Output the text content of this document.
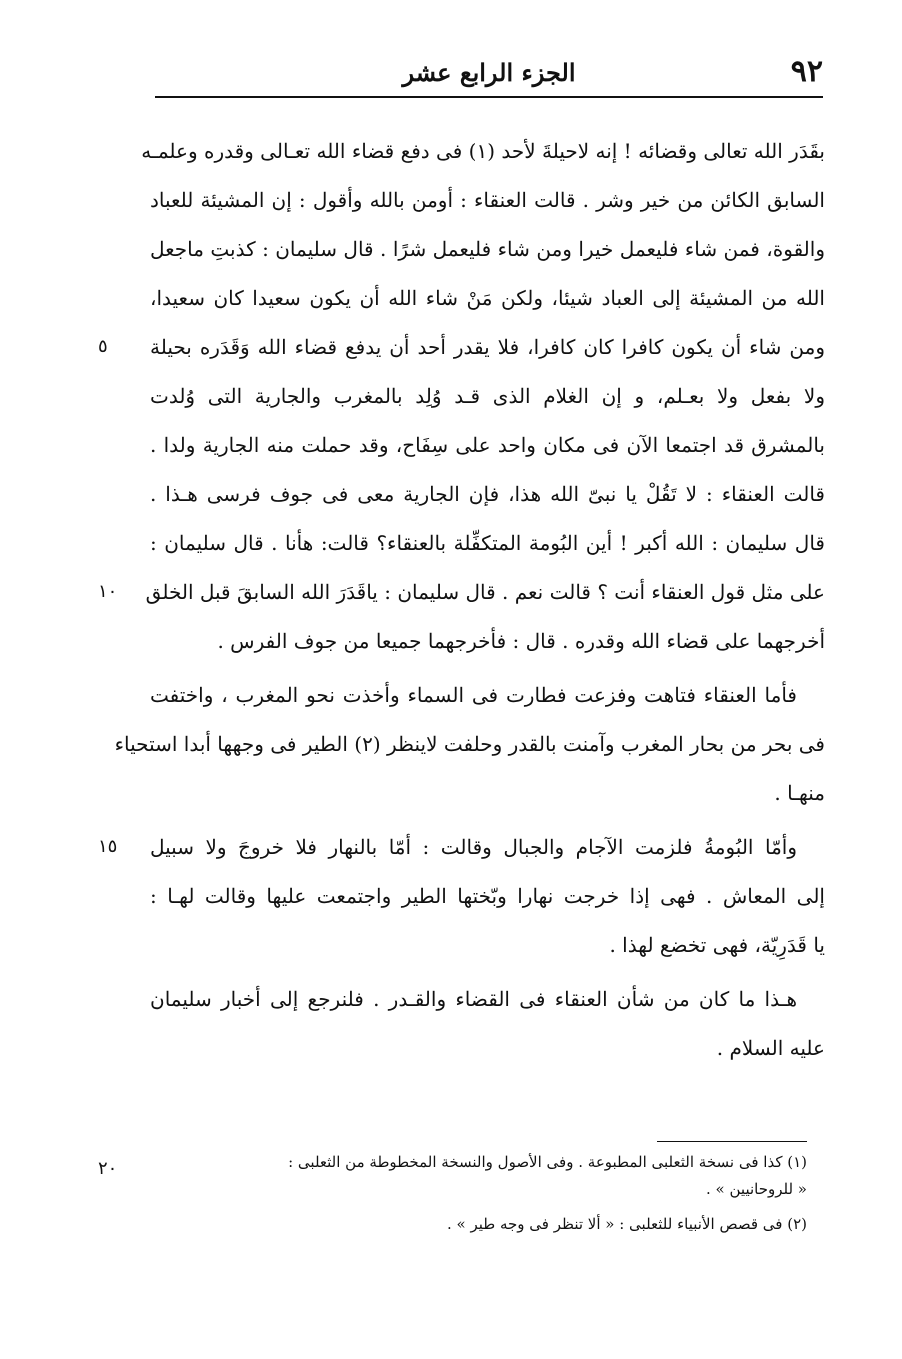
٩٢
الجزء الرابع عشر
بقَدَر الله تعالى وقضائه ! إنه لاحيلةَ لأحد (١) فى دفع قضاء الله تعـالى وقدره وعلمـه
السابق الكائن من خير وشر . قالت العنقاء : أومن بالله وأقول : إن المشيئة للعباد
والقوة، فمن شاء فليعمل خيرا ومن شاء فليعمل شرًا . قال سليمان : كذبتِ ماجعل
الله من المشيئة إلى العباد شيئا، ولكن مَنْ شاء الله أن يكون سعيدا كان سعيدا،
ومن شاء أن يكون كافرا كان كافرا، فلا يقدر أحد أن يدفع قضاء الله وَقَدَره بحيلة
ولا بفعل ولا بعـلم، و إن الغلام الذى قـد وُلِد بالمغرب والجارية التى وُلدت
بالمشرق قد اجتمعا الآن فى مكان واحد على سِفَاح، وقد حملت منه الجارية ولدا .
قالت العنقاء : لا تَقُلْ يا نبىّ الله هذا، فإن الجارية معى فى جوف فرسى هـذا .
قال سليمان : الله أكبر ! أين البُومة المتكفِّلة بالعنقاء؟ قالت: هأنا . قال سليمان :
على مثل قول العنقاء أنت ؟ قالت نعم . قال سليمان : ياقَدَرَ الله السابقَ قبل الخلق
أخرجهما على قضاء الله وقدره . قال : فأخرجهما جميعا من جوف الفرس .
فأما العنقاء فتاهت وفزعت فطارت فى السماء وأخذت نحو المغرب ، واختفت
فى بحر من بحار المغرب وآمنت بالقدر وحلفت لاينظر (٢) الطير فى وجهها أبدا استحياء
منهـا .
وأمّا البُومةُ فلزمت الآجام والجبال وقالت : أمّا بالنهار فلا خروجَ ولا سبيل
إلى المعاش . فهى إذا خرجت نهارا وبّختها الطير واجتمعت عليها وقالت لهـا :
يا قَدَرِيّة، فهى تخضع لهذا .
هـذا ما كان من شأن العنقاء فى القضاء والقـدر . فلنرجع إلى أخبار سليمان
عليه السلام .
٥
١٠
١٥
٢٠	(١) كذا فى نسخة الثعلبى المطبوعة . وفى الأصول والنسخة المخطوطة من الثعلبى :
« للروحانيين » .
(٢) فى قصص الأنبياء للثعلبى : « ألا تنظر فى وجه طير » .
